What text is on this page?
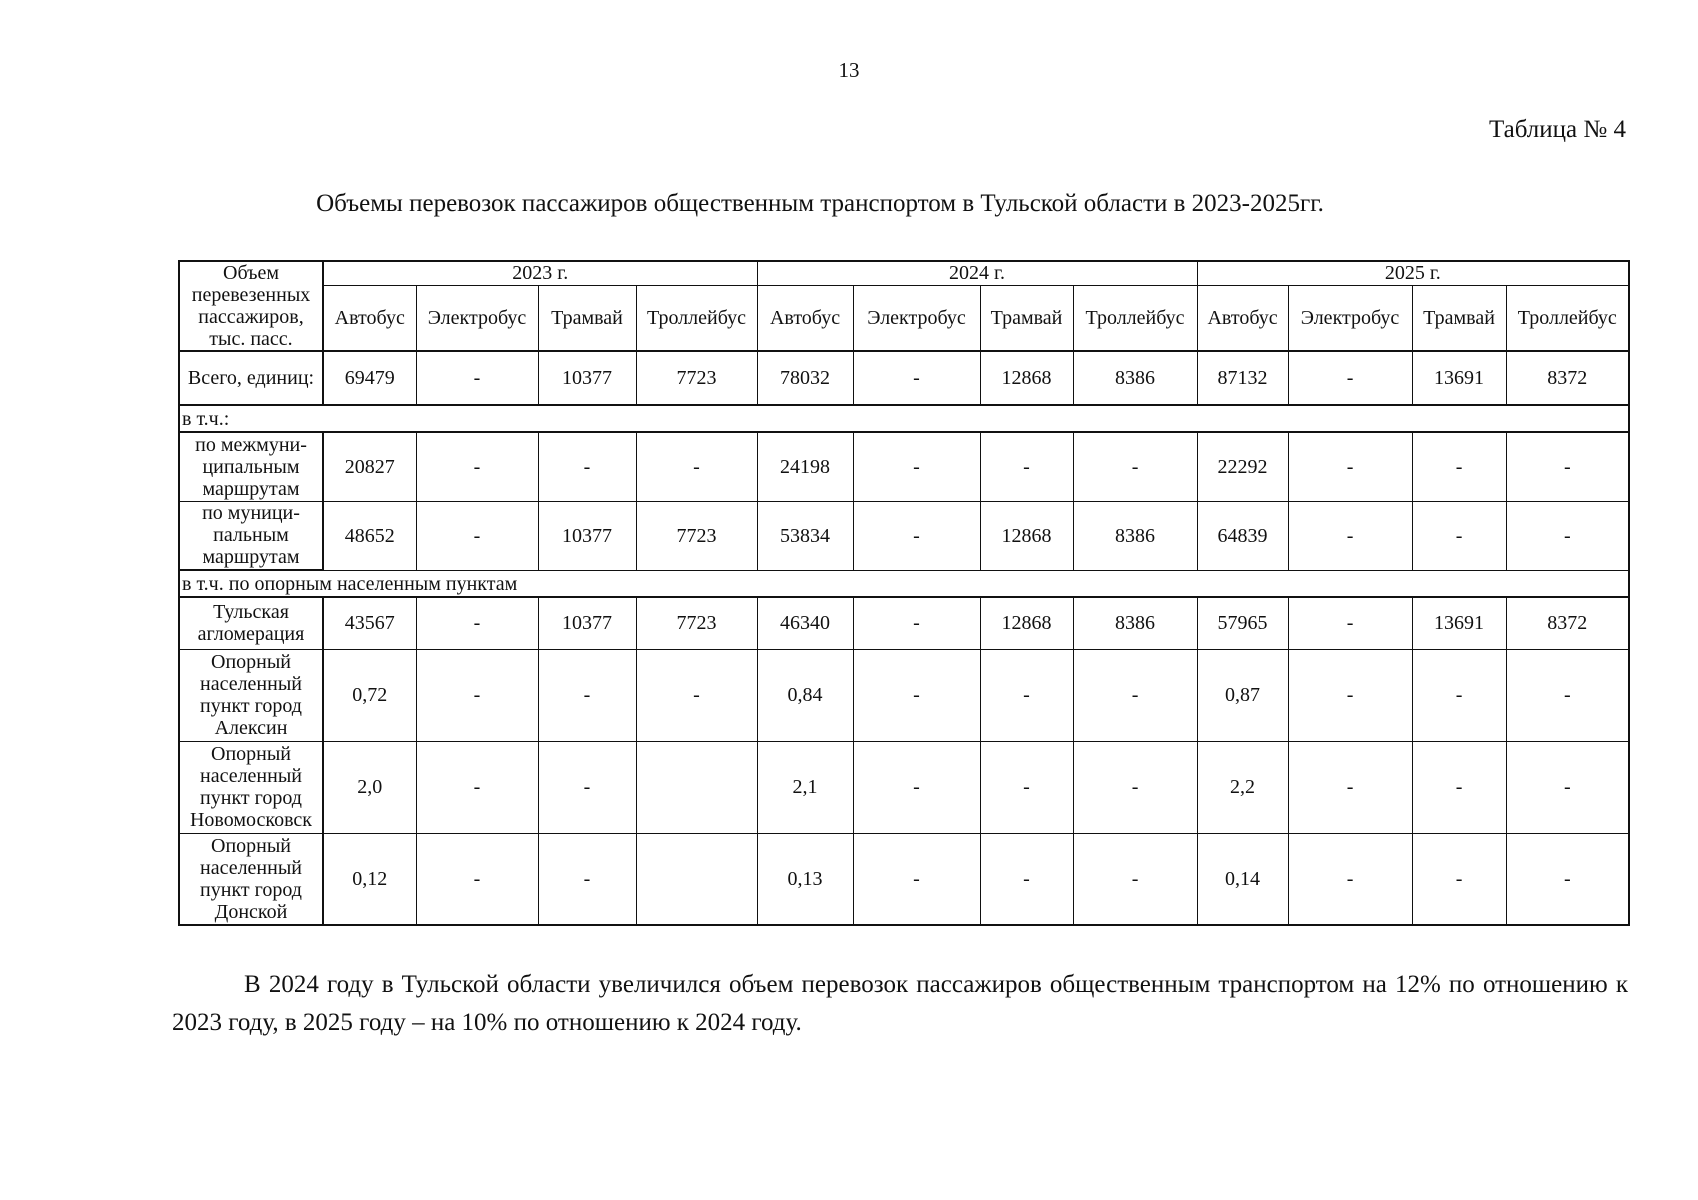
13
Таблица № 4
Объемы перевозок пассажиров общественным транспортом в Тульской области в 2023-2025гг.
Объем перевезенных пассажиров, тыс. пасс.	2023 г.				2024 г.				2025 г.			
	Автобус	Электробус	Трамвай	Троллейбус	Автобус	Электробус	Трамвай	Троллейбус	Автобус	Электробус	Трамвай	Троллейбус
Всего, единиц:	69479	-	10377	7723	78032	-	12868	8386	87132	-	13691	8372
в т.ч.:												
по межмуни-ципальным маршрутам	20827	-	-	-	24198	-	-	-	22292	-	-	-
по муници-пальным маршрутам	48652	-	10377	7723	53834	-	12868	8386	64839	-	-	-
в т.ч. по опорным населенным пунктам												
Тульская агломерация	43567	-	10377	7723	46340	-	12868	8386	57965	-	13691	8372
Опорный населенный пункт город Алексин	0,72	-	-	-	0,84	-	-	-	0,87	-	-	-
Опорный населенный пункт город Новомосковск	2,0	-	-		2,1	-	-	-	2,2	-	-	-
Опорный населенный пункт город Донской	0,12	-	-		0,13	-	-	-	0,14	-	-	-
В 2024 году в Тульской области увеличился объем перевозок пассажиров общественным транспортом на 12% по отношению к 2023 году, в 2025 году – на 10% по отношению к 2024 году.
